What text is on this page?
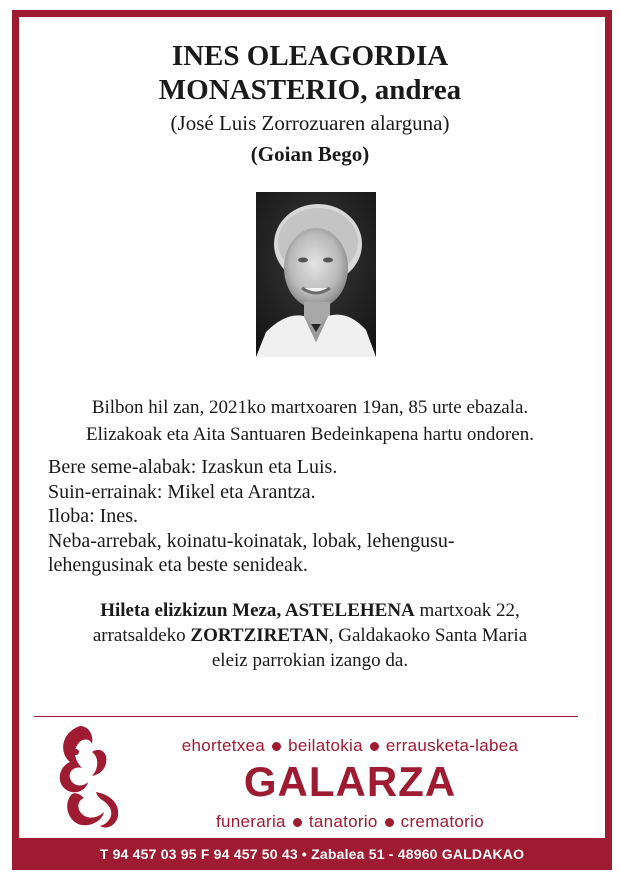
INES OLEAGORDIA
MONASTERIO, andrea
(José Luis Zorrozuaren alarguna)
(Goian Bego)
Bilbon hil zan, 2021ko martxoaren 19an, 85 urte ebazala.
Elizakoak eta Aita Santuaren Bedeinkapena hartu ondoren.
Bere seme-alabak: Izaskun eta Luis.
Suin-errainak: Mikel eta Arantza.
Iloba: Ines.
Neba-arrebak, koinatu-koinatak, lobak, lehengusu-
lehengusinak eta beste senideak.
Hileta elizkizun Meza, ASTELEHENA martxoak 22,
arratsaldeko ZORTZIRETAN, Galdakaoko Santa Maria
eleiz parrokian izango da.
ehortetxea beilatokia errausketa-labea
GALARZA
funeraria tanatorio crematorio
T 94 457 03 95 F 94 457 50 43 • Zabalea 51 - 48960 GALDAKAO
